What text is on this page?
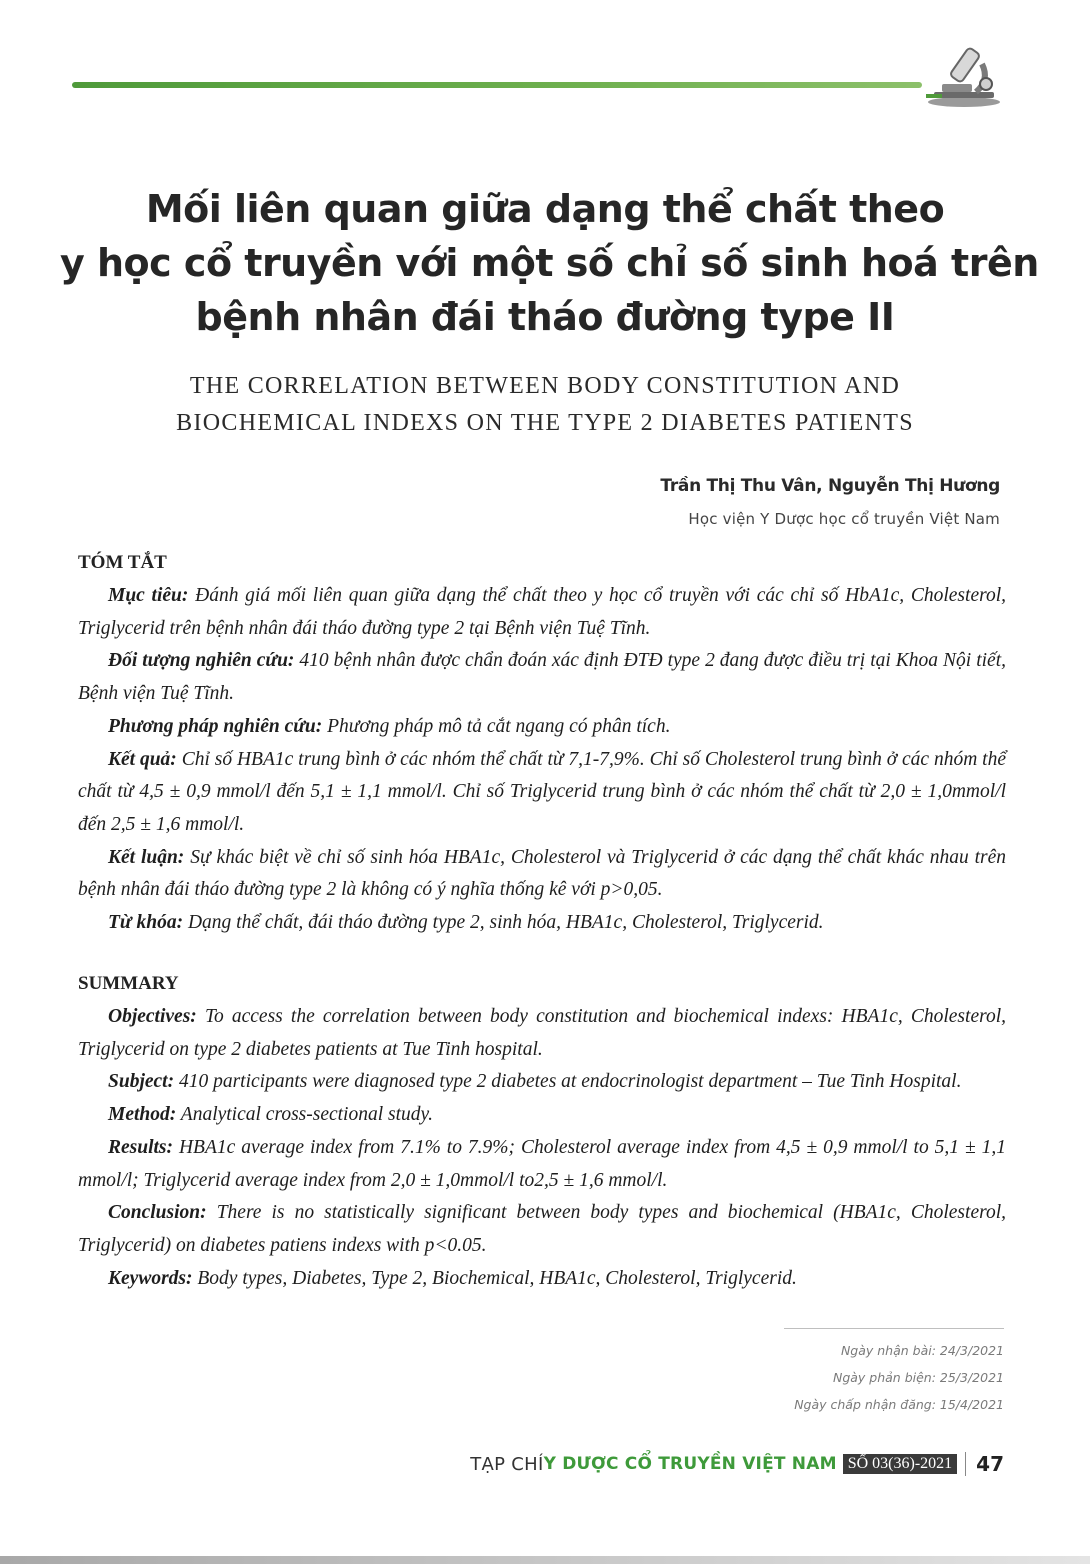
Mối liên quan giữa dạng thể chất theo
y học cổ truyền với một số chỉ số sinh hoá trên
bệnh nhân đái tháo đường type II
THE CORRELATION BETWEEN BODY CONSTITUTION AND
BIOCHEMICAL INDEXS ON THE TYPE 2 DIABETES PATIENTS
Trần Thị Thu Vân, Nguyễn Thị Hương
Học viện Y Dược học cổ truyền Việt Nam
TÓM TẮT

Mục tiêu: Đánh giá mối liên quan giữa dạng thể chất theo y học cổ truyền với các chỉ số HbA1c, Cholesterol, Triglycerid trên bệnh nhân đái tháo đường type 2 tại Bệnh viện Tuệ Tĩnh.

Đối tượng nghiên cứu: 410 bệnh nhân được chẩn đoán xác định ĐTĐ type 2 đang được điều trị tại Khoa Nội tiết, Bệnh viện Tuệ Tĩnh.

Phương pháp nghiên cứu: Phương pháp mô tả cắt ngang có phân tích.

Kết quả: Chỉ số HBA1c trung bình ở các nhóm thể chất từ 7,1-7,9%. Chỉ số Cholesterol trung bình ở các nhóm thể chất từ 4,5 ± 0,9 mmol/l đến 5,1 ± 1,1 mmol/l. Chỉ số Triglycerid trung bình ở các nhóm thể chất từ 2,0 ± 1,0mmol/l đến 2,5 ± 1,6 mmol/l.

Kết luận: Sự khác biệt về chỉ số sinh hóa HBA1c, Cholesterol và Triglycerid ở các dạng thể chất khác nhau trên bệnh nhân đái tháo đường type 2 là không có ý nghĩa thống kê với p>0,05.

Từ khóa: Dạng thể chất, đái tháo đường type 2, sinh hóa, HBA1c, Cholesterol, Triglycerid.

SUMMARY

Objectives: To access the correlation between body constitution and biochemical indexs: HBA1c, Cholesterol, Triglycerid on type 2 diabetes patients at Tue Tinh hospital.

Subject: 410 participants were diagnosed type 2 diabetes at endocrinologist department – Tue Tinh Hospital.

Method: Analytical cross-sectional study.

Results: HBA1c average index from 7.1% to 7.9%; Cholesterol average index from 4,5 ± 0,9 mmol/l to 5,1 ± 1,1 mmol/l; Triglycerid average index from 2,0 ± 1,0mmol/l to2,5 ± 1,6 mmol/l.

Conclusion: There is no statistically significant between body types and biochemical (HBA1c, Cholesterol, Triglycerid) on diabetes patiens indexs with p<0.05.

Keywords: Body types, Diabetes, Type 2, Biochemical, HBA1c, Cholesterol, Triglycerid.

Ngày nhận bài: 24/3/2021
Ngày phản biện: 25/3/2021
Ngày chấp nhận đăng: 15/4/2021
TẠP CHÍ Y DƯỢC CỔ TRUYỀN VIỆT NAM SỐ 03(36)-2021 47
